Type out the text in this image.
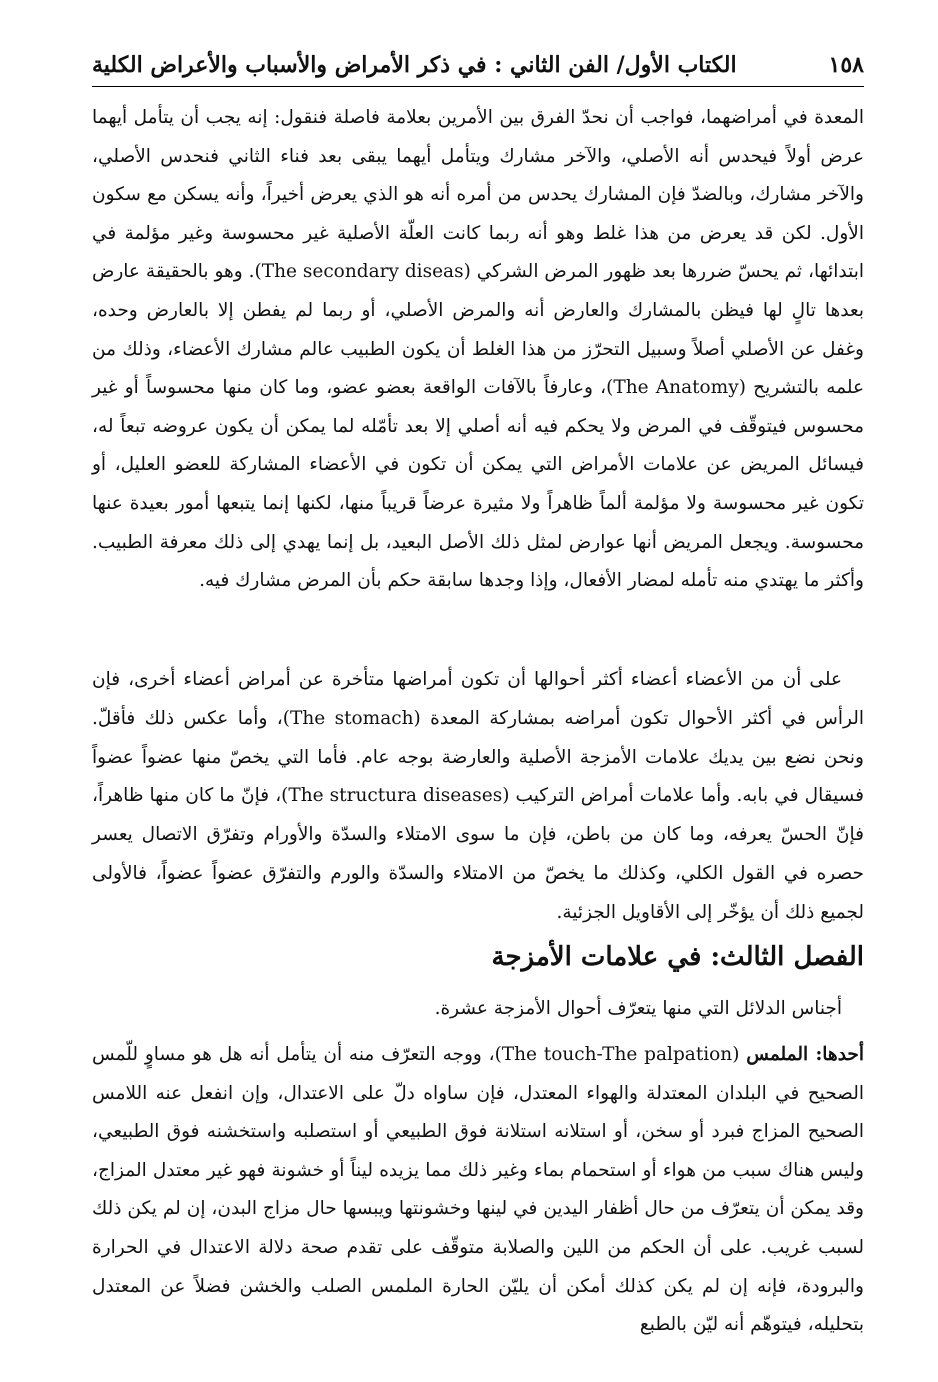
١٥٨
الكتاب الأول/ الفن الثاني : في ذكر الأمراض والأسباب والأعراض الكلية

المعدة في أمراضهما، فواجب أن نحدّ الفرق بين الأمرين بعلامة فاصلة فنقول: إنه يجب أن يتأمل أيهما عرض أولاً فيحدس أنه الأصلي، والآخر مشارك ويتأمل أيهما يبقى بعد فناء الثاني فنحدس الأصلي، والآخر مشارك، وبالضدّ فإن المشارك يحدس من أمره أنه هو الذي يعرض أخيراً، وأنه يسكن مع سكون الأول. لكن قد يعرض من هذا غلط وهو أنه ربما كانت العلّة الأصلية غير محسوسة وغير مؤلمة في ابتدائها، ثم يحسّ ضررها بعد ظهور المرض الشركي (The secondary diseas). وهو بالحقيقة عارض بعدها تالٍ لها فيظن بالمشارك والعارض أنه والمرض الأصلي، أو ربما لم يفطن إلا بالعارض وحده، وغفل عن الأصلي أصلاً وسبيل التحرّز من هذا الغلط أن يكون الطبيب عالم مشارك الأعضاء، وذلك من علمه بالتشريح (The Anatomy)، وعارفاً بالآفات الواقعة بعضو عضو، وما كان منها محسوساً أو غير محسوس فيتوقّف في المرض ولا يحكم فيه أنه أصلي إلا بعد تأمّله لما يمكن أن يكون عروضه تبعاً له، فيسائل المريض عن علامات الأمراض التي يمكن أن تكون في الأعضاء المشاركة للعضو العليل، أو تكون غير محسوسة ولا مؤلمة ألماً ظاهراً ولا مثيرة عرضاً قريباً منها، لكنها إنما يتبعها أمور بعيدة عنها محسوسة. ويجعل المريض أنها عوارض لمثل ذلك الأصل البعيد، بل إنما يهدي إلى ذلك معرفة الطبيب. وأكثر ما يهتدي منه تأمله لمضار الأفعال، وإذا وجدها سابقة حكم بأن المرض مشارك فيه.

على أن من الأعضاء أعضاء أكثر أحوالها أن تكون أمراضها متأخرة عن أمراض أعضاء أخرى، فإن الرأس في أكثر الأحوال تكون أمراضه بمشاركة المعدة (The stomach)، وأما عكس ذلك فأقلّ. ونحن نضع بين يديك علامات الأمزجة الأصلية والعارضة بوجه عام. فأما التي يخصّ منها عضواً عضواً فسيقال في بابه. وأما علامات أمراض التركيب (The structura diseases)، فإنّ ما كان منها ظاهراً، فإنّ الحسّ يعرفه، وما كان من باطن، فإن ما سوى الامتلاء والسدّة والأورام وتفرّق الاتصال يعسر حصره في القول الكلي، وكذلك ما يخصّ من الامتلاء والسدّة والورم والتفرّق عضواً عضواً، فالأولى لجميع ذلك أن يؤخّر إلى الأقاويل الجزئية.

الفصل الثالث: في علامات الأمزجة

أجناس الدلائل التي منها يتعرّف أحوال الأمزجة عشرة.

أحدها: الملمس (The touch-The palpation)، ووجه التعرّف منه أن يتأمل أنه هل هو مساوٍ للّمس الصحيح في البلدان المعتدلة والهواء المعتدل، فإن ساواه دلّ على الاعتدال، وإن انفعل عنه اللامس الصحيح المزاج فبرد أو سخن، أو استلانه استلانة فوق الطبيعي أو استصلبه واستخشنه فوق الطبيعي، وليس هناك سبب من هواء أو استحمام بماء وغير ذلك مما يزيده ليناً أو خشونة فهو غير معتدل المزاج، وقد يمكن أن يتعرّف من حال أظفار اليدين في لينها وخشونتها ويبسها حال مزاج البدن، إن لم يكن ذلك لسبب غريب. على أن الحكم من اللين والصلابة متوقّف على تقدم صحة دلالة الاعتدال في الحرارة والبرودة، فإنه إن لم يكن كذلك أمكن أن يليّن الحارة الملمس الصلب والخشن فضلاً عن المعتدل بتحليله، فيتوهّم أنه ليّن بالطبع
